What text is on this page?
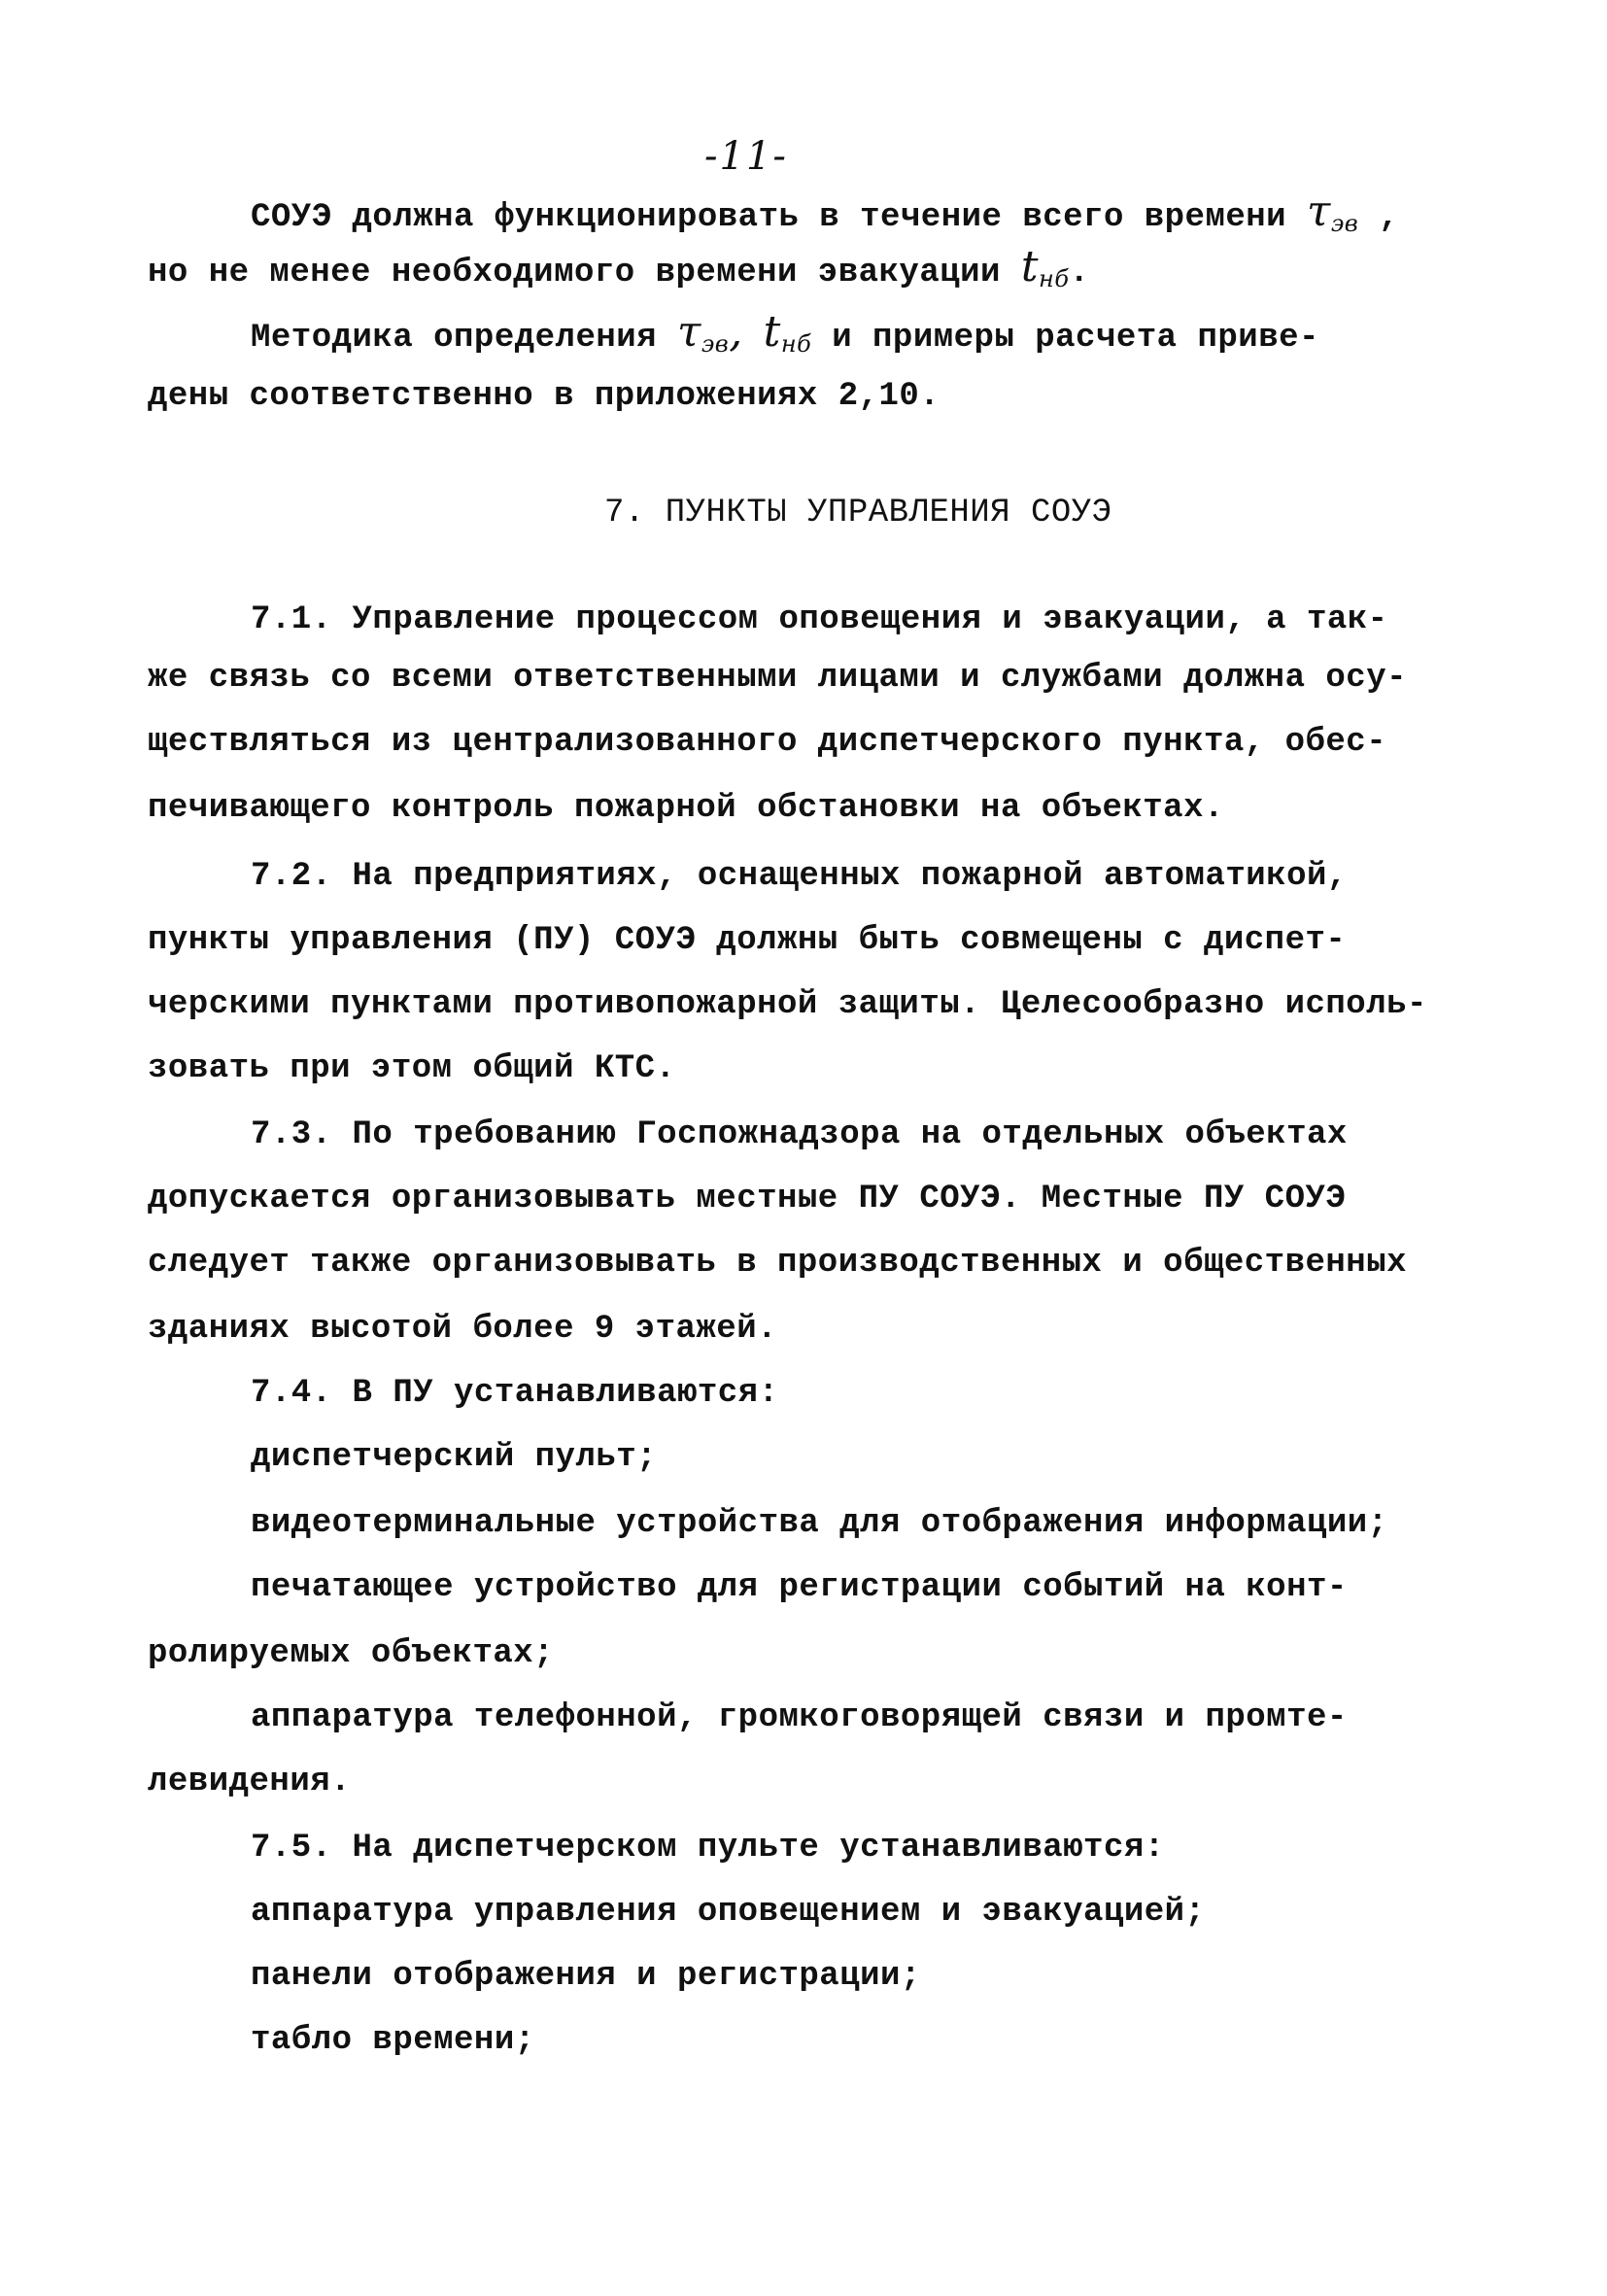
-11-
СОУЭ должна функционировать в течение всего времени $\tau_{эв}$ ,
но не менее необходимого времени эвакуации $t_{нб}$.
Методика определения $\tau_{эв}$, $t_{нб}$ и примеры расчета приве-
дены соответственно в приложениях 2,10.
7. ПУНКТЫ УПРАВЛЕНИЯ СОУЭ
7.1. Управление процессом оповещения и эвакуации, а так-
же связь со всеми ответственными лицами и службами должна осу-
ществляться из централизованного диспетчерского пункта, обес-
печивающего контроль пожарной обстановки на объектах.
7.2. На предприятиях, оснащенных пожарной автоматикой,
пункты управления (ПУ) СОУЭ должны быть совмещены с диспет-
черскими пунктами противопожарной защиты. Целесообразно исполь-
зовать при этом общий КТС.
7.3. По требованию Госпожнадзора на отдельных объектах
допускается организовывать местные ПУ СОУЭ. Местные ПУ СОУЭ
следует также организовывать в производственных и общественных
зданиях высотой более 9 этажей.
7.4. В ПУ устанавливаются:
диспетчерский пульт;
видеотерминальные устройства для отображения информации;
печатающее устройство для регистрации событий на конт-
ролируемых объектах;
аппаратура телефонной, громкоговорящей связи и промте-
левидения.
7.5. На диспетчерском пульте устанавливаются:
аппаратура управления оповещением и эвакуацией;
панели отображения и регистрации;
табло времени;
